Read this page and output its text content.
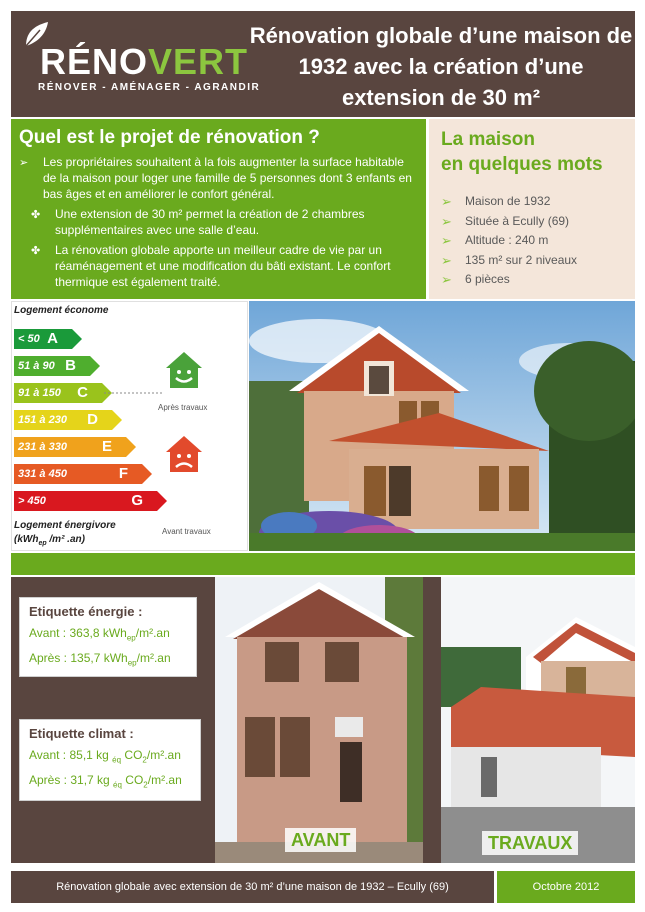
RÉNOVERT
RÉNOVER - AMÉNAGER - AGRANDIR
Rénovation globale d’une maison de 1932 avec la création d’une extension de 30 m²
Quel est le projet de rénovation ?
➢ Les propriétaires souhaitent à la fois augmenter la surface habitable de la maison pour loger une famille de 5 personnes dont 3 enfants en bas âges et en améliorer le confort général.
✤ Une extension de 30 m² permet la création de 2 chambres supplémentaires avec une salle d’eau.
✤ La rénovation globale apporte un meilleur cadre de vie par un réaménagement et une modification du bâti existant. Le confort thermique est également traité.
La maison
en quelques mots
➢ Maison de 1932
➢ Située à Ecully (69)
➢ Altitude : 240 m
➢ 135 m² sur 2 niveaux
➢ 6 pièces
Logement économe
< 50 A
51 à 90 B
91 à 150 C
151 à 230 D
231 à 330 E
331 à 450	F
> 450	G
Après travaux
Avant travaux
Logement énergivore
(kWh$_{ep}$ /m² .an)
Etiquette énergie :
Avant : 363,8 kWh$_{ep}$/m².an
Après : 135,7 kWh$_{ep}$/m².an
Etiquette climat :
Avant : 85,1 kg $_{éq}$ $CO_2/m^2.an$
Après : 31,7 kg $_{éq}$ $CO_2/m^2.an$
AVANT	TRAVAUX
Rénovation globale avec extension de 30 m² d’une maison de 1932 – Ecully (69)	Octobre 2012
